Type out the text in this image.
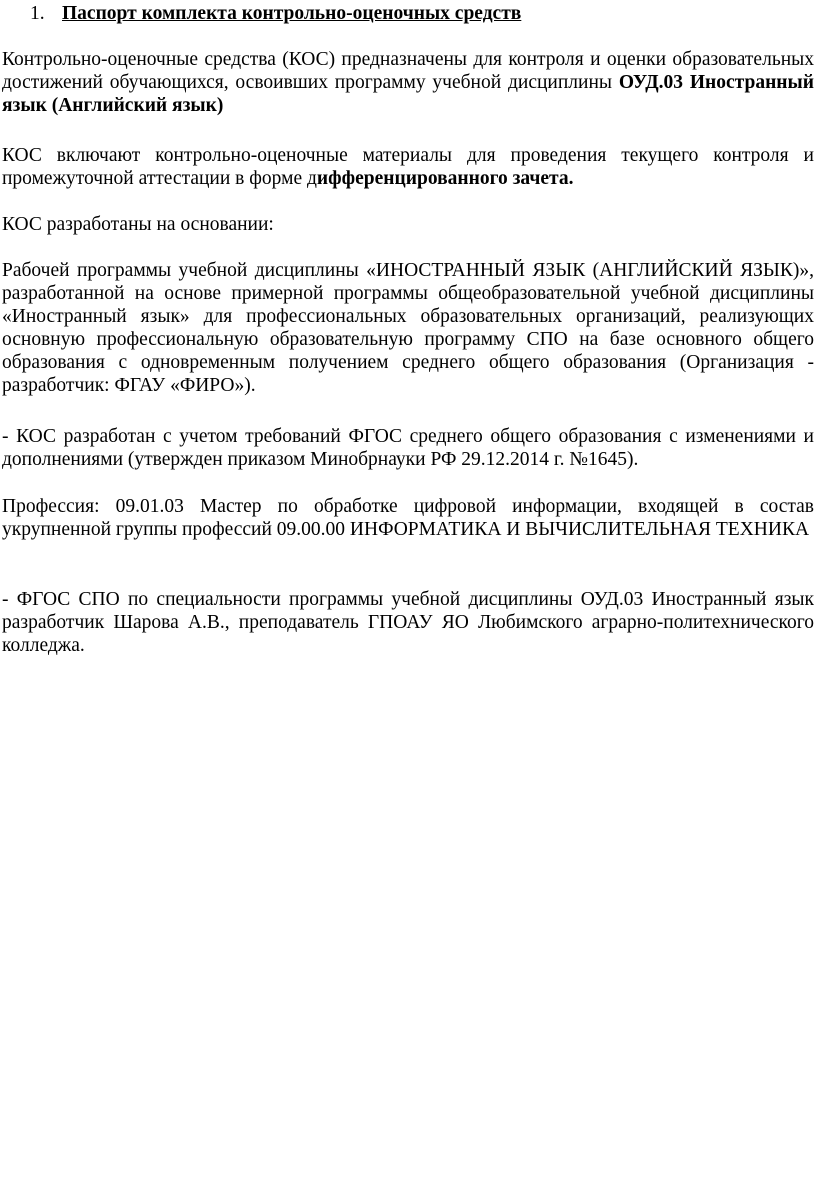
1. Паспорт комплекта контрольно-оценочных средств

Контрольно-оценочные средства (КОС) предназначены для контроля и оценки образовательных достижений обучающихся, освоивших программу учебной дисциплины ОУД.03 Иностранный язык (Английский язык)

КОС включают контрольно-оценочные материалы для проведения текущего контроля и промежуточной аттестации в форме дифференцированного зачета.

КОС разработаны на основании:

Рабочей программы учебной дисциплины «ИНОСТРАННЫЙ ЯЗЫК (АНГЛИЙСКИЙ ЯЗЫК)», разработанной на основе примерной программы общеобразовательной учебной дисциплины «Иностранный язык» для профессиональных образовательных организаций, реализующих основную профессиональную образовательную программу СПО на базе основного общего образования с одновременным получением среднего общего образования (Организация - разработчик: ФГАУ «ФИРО»).

- КОС разработан с учетом требований ФГОС среднего общего образования с изменениями и дополнениями (утвержден приказом Минобрнауки РФ 29.12.2014 г. №1645).

Профессия: 09.01.03 Мастер по обработке цифровой информации, входящей в состав укрупненной группы профессий 09.00.00 ИНФОРМАТИКА И ВЫЧИСЛИТЕЛЬНАЯ ТЕХНИКА

- ФГОС СПО по специальности программы учебной дисциплины ОУД.03 Иностранный язык разработчик Шарова А.В., преподаватель ГПОАУ ЯО Любимского аграрно-политехнического колледжа.
